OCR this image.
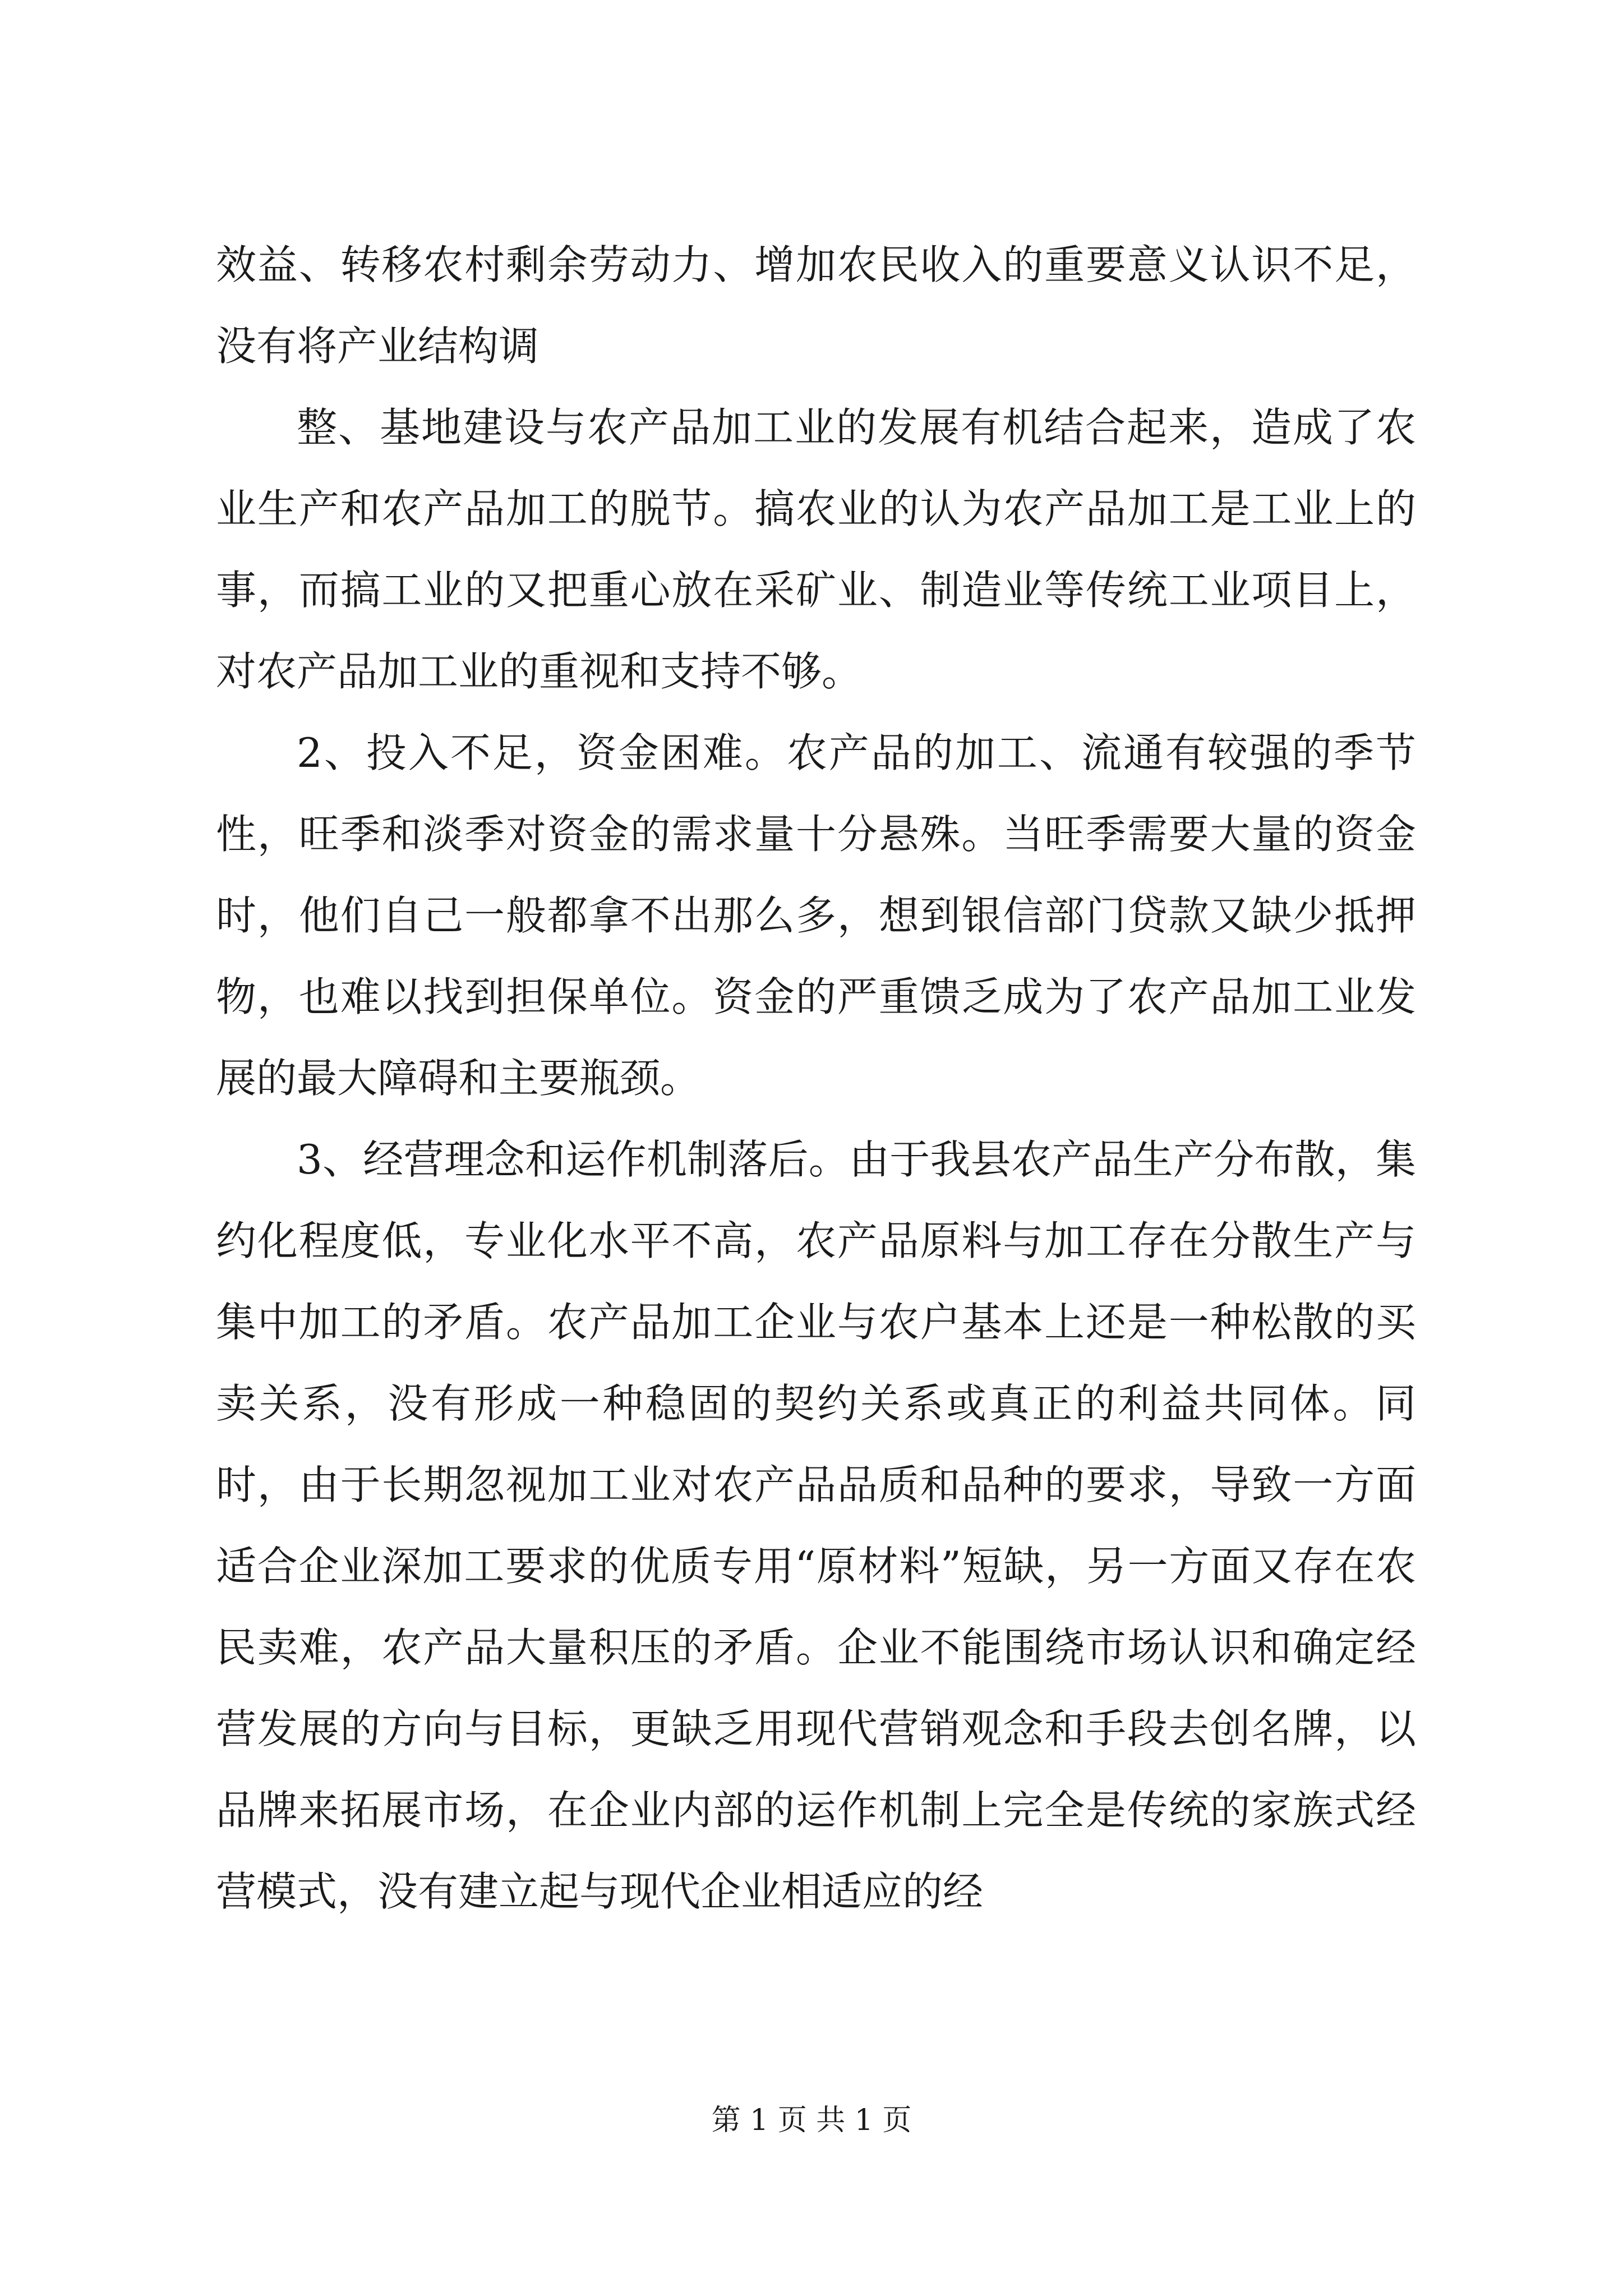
效益、转移农村剩余劳动力、增加农民收入的重要意义认识不足，没有将产业结构调

整、基地建设与农产品加工业的发展有机结合起来，造成了农业生产和农产品加工的脱节。搞农业的认为农产品加工是工业上的事，而搞工业的又把重心放在采矿业、制造业等传统工业项目上，对农产品加工业的重视和支持不够。

2、投入不足，资金困难。农产品的加工、流通有较强的季节性，旺季和淡季对资金的需求量十分悬殊。当旺季需要大量的资金时，他们自己一般都拿不出那么多，想到银信部门贷款又缺少抵押物，也难以找到担保单位。资金的严重馈乏成为了农产品加工业发展的最大障碍和主要瓶颈。

3、经营理念和运作机制落后。由于我县农产品生产分布散，集约化程度低，专业化水平不高，农产品原料与加工存在分散生产与集中加工的矛盾。农产品加工企业与农户基本上还是一种松散的买卖关系，没有形成一种稳固的契约关系或真正的利益共同体。同时，由于长期忽视加工业对农产品品质和品种的要求，导致一方面适合企业深加工要求的优质专用“原材料”短缺，另一方面又存在农民卖难，农产品大量积压的矛盾。企业不能围绕市场认识和确定经营发展的方向与目标，更缺乏用现代营销观念和手段去创名牌，以品牌来拓展市场，在企业内部的运作机制上完全是传统的家族式经营模式，没有建立起与现代企业相适应的经

第 1 页 共 1 页
